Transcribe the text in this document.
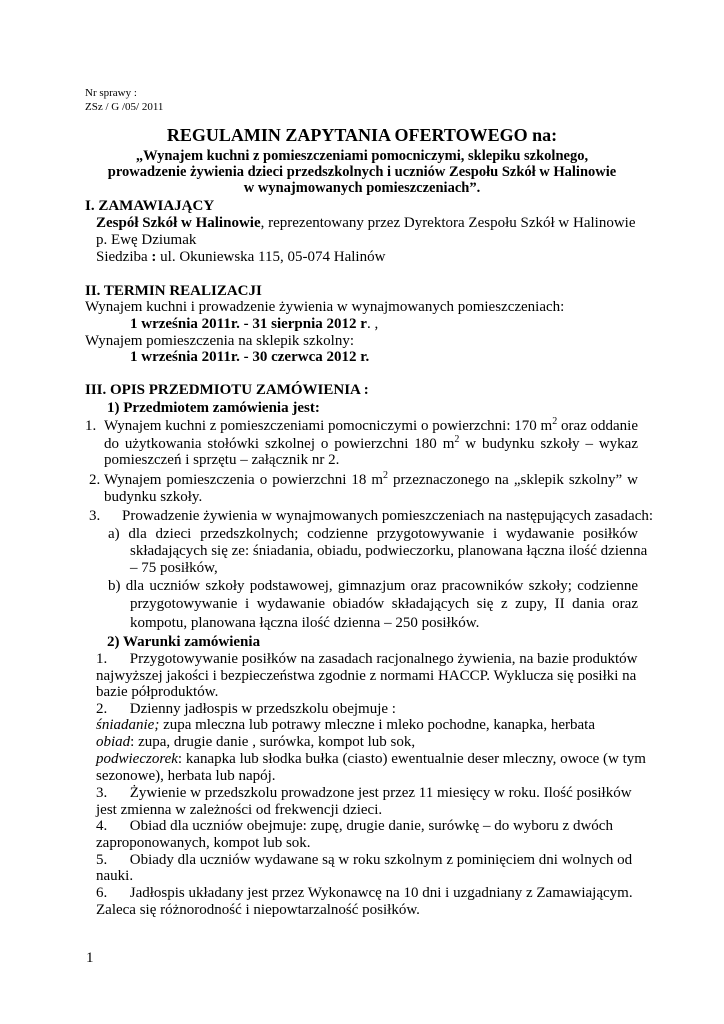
Nr sprawy :
ZSz / G /05/ 2011
REGULAMIN ZAPYTANIA OFERTOWEGO na:
„Wynajem kuchni z pomieszczeniami pomocniczymi, sklepiku szkolnego,
prowadzenie żywienia dzieci przedszkolnych i uczniów Zespołu Szkół w Halinowie
w wynajmowanych pomieszczeniach”.
I. ZAMAWIAJĄCY
Zespół Szkół w Halinowie, reprezentowany przez Dyrektora Zespołu Szkół w Halinowie
p. Ewę Dziumak
Siedziba : ul. Okuniewska 115, 05-074 Halinów
II. TERMIN REALIZACJI
Wynajem kuchni i prowadzenie żywienia w wynajmowanych pomieszczeniach:
1 września 2011r. - 31 sierpnia 2012 r. ,
Wynajem pomieszczenia na sklepik szkolny:
1 września 2011r. - 30 czerwca 2012 r.
III. OPIS PRZEDMIOTU ZAMÓWIENIA :
1) Przedmiotem zamówienia jest:
1. Wynajem kuchni z pomieszczeniami pomocniczymi o powierzchni: 170 $m^2$ oraz oddanie
do użytkowania stołówki szkolnej o powierzchni 180 $m^2$ w budynku szkoły – wykaz
pomieszczeń i sprzętu – załącznik nr 2.
2. Wynajem pomieszczenia o powierzchni 18 $m^2$ przeznaczonego na „sklepik szkolny” w
budynku szkoły.
3. Prowadzenie żywienia w wynajmowanych pomieszczeniach na następujących zasadach:
a) dla dzieci przedszkolnych; codzienne przygotowywanie i wydawanie posiłków
składających się ze: śniadania, obiadu, podwieczorku, planowana łączna ilość dzienna
– 75 posiłków,
b) dla uczniów szkoły podstawowej, gimnazjum oraz pracowników szkoły; codzienne
przygotowywanie i wydawanie obiadów składających się z zupy, II dania oraz
kompotu, planowana łączna ilość dzienna – 250 posiłków.
2) Warunki zamówienia
1.      Przygotowywanie posiłków na zasadach racjonalnego żywienia, na bazie produktów
najwyższej jakości i bezpieczeństwa zgodnie z normami HACCP. Wyklucza się posiłki na
bazie półproduktów.
2.      Dzienny jadłospis w przedszkolu obejmuje :
śniadanie; zupa mleczna lub potrawy mleczne i mleko pochodne, kanapka, herbata
obiad: zupa, drugie danie , surówka, kompot lub sok,
podwieczorek: kanapka lub słodka bułka (ciasto) ewentualnie deser mleczny, owoce (w tym
sezonowe), herbata lub napój.
3.      Żywienie w przedszkolu prowadzone jest przez 11 miesięcy w roku. Ilość posiłków
jest zmienna w zależności od frekwencji dzieci.
4.      Obiad dla uczniów obejmuje: zupę, drugie danie, surówkę – do wyboru z dwóch
zaproponowanych, kompot lub sok.
5.      Obiady dla uczniów wydawane są w roku szkolnym z pominięciem dni wolnych od
nauki.
6.      Jadłospis układany jest przez Wykonawcę na 10 dni i uzgadniany z Zamawiającym.
Zaleca się różnorodność i niepowtarzalność posiłków.
1
